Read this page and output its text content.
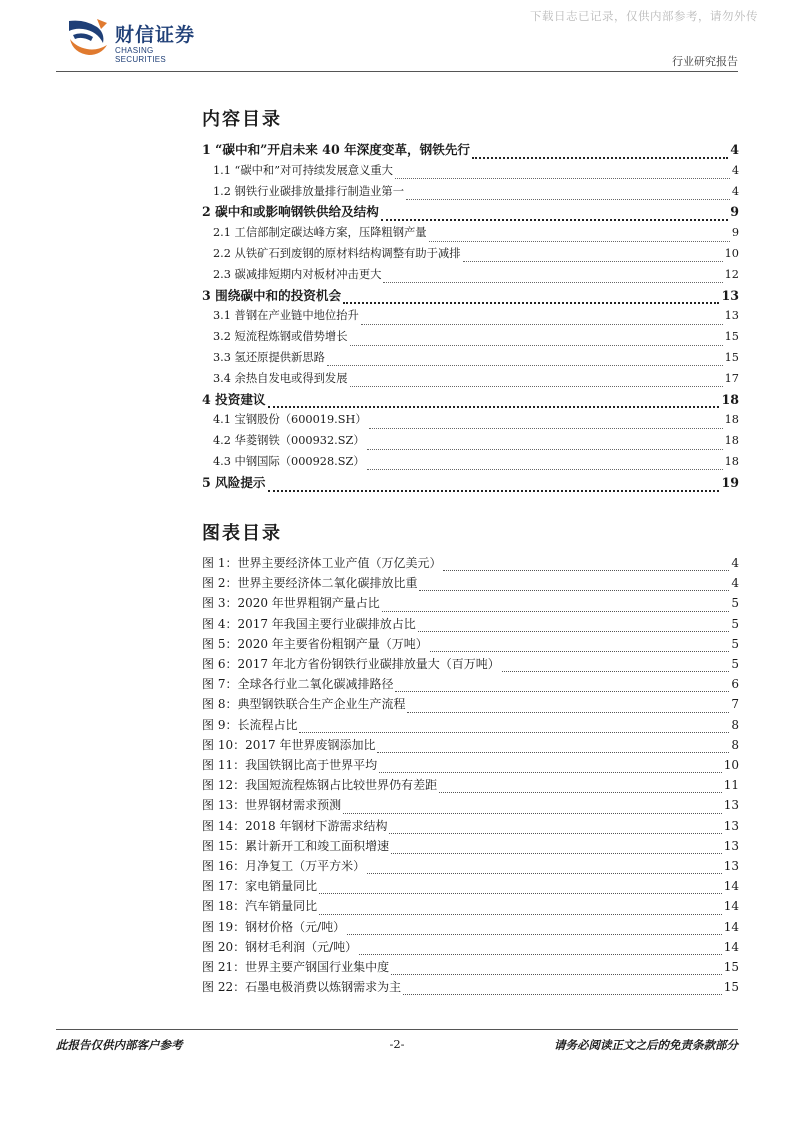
下载日志已记录，仅供内部参考，请勿外传
财信证券
CHASING SECURITIES	行业研究报告
内容目录
1 “碳中和”开启未来 40 年深度变革，钢铁先行	4
1.1 “碳中和”对可持续发展意义重大	4
1.2 钢铁行业碳排放量排行制造业第一	4
2 碳中和或影响钢铁供给及结构	9
2.1 工信部制定碳达峰方案，压降粗钢产量	9
2.2 从铁矿石到废钢的原材料结构调整有助于减排	10
2.3 碳减排短期内对板材冲击更大	12
3 围绕碳中和的投资机会	13
3.1 普钢在产业链中地位抬升	13
3.2 短流程炼钢或借势增长	15
3.3 氢还原提供新思路	15
3.4 余热自发电或得到发展	17
4 投资建议	18
4.1 宝钢股份（600019.SH）	18
4.2 华菱钢铁（000932.SZ）	18
4.3 中钢国际（000928.SZ）	18
5 风险提示	19
图表目录
图 1：世界主要经济体工业产值（万亿美元）	4
图 2：世界主要经济体二氧化碳排放比重	4
图 3：2020 年世界粗钢产量占比	5
图 4：2017 年我国主要行业碳排放占比	5
图 5：2020 年主要省份粗钢产量（万吨）	5
图 6：2017 年北方省份钢铁行业碳排放量大（百万吨）	5
图 7：全球各行业二氧化碳减排路径	6
图 8：典型钢铁联合生产企业生产流程	7
图 9：长流程占比	8
图 10：2017 年世界废钢添加比	8
图 11：我国铁钢比高于世界平均	10
图 12：我国短流程炼钢占比较世界仍有差距	11
图 13：世界钢材需求预测	13
图 14：2018 年钢材下游需求结构	13
图 15：累计新开工和竣工面积增速	13
图 16：月净复工（万平方米）	13
图 17：家电销量同比	14
图 18：汽车销量同比	14
图 19：钢材价格（元/吨）	14
图 20：钢材毛利润（元/吨）	14
图 21：世界主要产钢国行业集中度	15
图 22：石墨电极消费以炼钢需求为主	15
此报告仅供内部客户参考	-2-	请务必阅读正文之后的免责条款部分
